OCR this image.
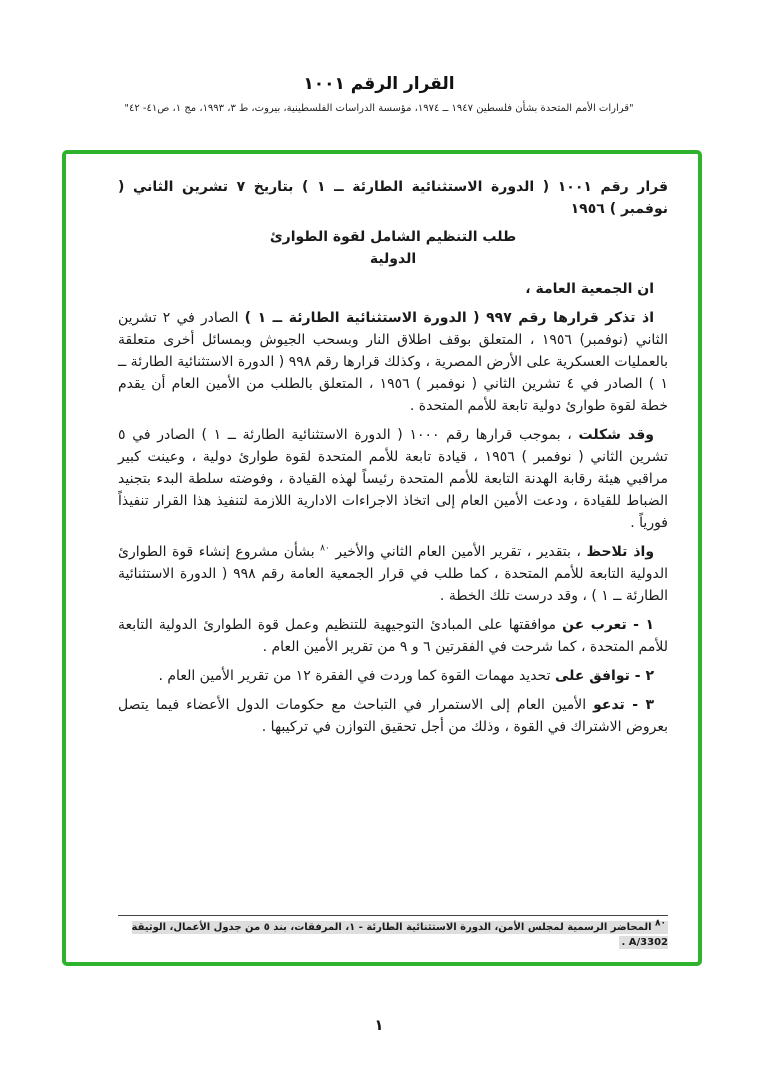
القرار الرقم ١٠٠١
"قرارات الأمم المتحدة بشأن فلسطين ١٩٤٧ ــ ١٩٧٤، مؤسسة الدراسات الفلسطينية، بيروت، ط ٣، ١٩٩٣، مج ١، ص٤١- ٤٢"

قرار رقم ١٠٠١ ( الدورة الاستثنائية الطارئة ــ ١ ) بتاريخ ٧ تشرين الثاني ( نوفمبر ) ١٩٥٦

طلب التنظيم الشامل لقوة الطوارئ
الدولية

ان الجمعية العامة ،

اذ تذكر قرارها رقم ٩٩٧ ( الدورة الاستثنائية الطارئة ــ ١ ) الصادر في ٢ تشرين الثاني (نوفمبر) ١٩٥٦ ، المتعلق بوقف اطلاق النار وبسحب الجيوش وبمسائل أخرى متعلقة بالعمليات العسكرية على الأرض المصرية ، وكذلك قرارها رقم ٩٩٨ ( الدورة الاستثنائية الطارئة ــ ١ ) الصادر في ٤ تشرين الثاني ( نوفمبر ) ١٩٥٦ ، المتعلق بالطلب من الأمين العام أن يقدم خطة لقوة طوارئ دولية تابعة للأمم المتحدة .

وقد شكلت ، بموجب قرارها رقم ١٠٠٠ ( الدورة الاستثنائية الطارئة ــ ١ ) الصادر في ٥ تشرين الثاني ( نوفمبر ) ١٩٥٦ ، قيادة تابعة للأمم المتحدة لقوة طوارئ دولية ، وعينت كبير مراقبي هيئة رقابة الهدنة التابعة للأمم المتحدة رئيساً لهذه القيادة ، وفوضته سلطة البدء بتجنيد الضباط للقيادة ، ودعت الأمين العام إلى اتخاذ الاجراءات الادارية اللازمة لتنفيذ هذا القرار تنفيذاً فورياً .

واذ تلاحظ ، بتقدير ، تقرير الأمين العام الثاني والأخير $^{٨٠}$ بشأن مشروع إنشاء قوة الطوارئ الدولية التابعة للأمم المتحدة ، كما طلب في قرار الجمعية العامة رقم ٩٩٨ ( الدورة الاستثنائية الطارئة ــ ١ ) ، وقد درست تلك الخطة .

١ - تعرب عن موافقتها على المبادئ التوجيهية للتنظيم وعمل قوة الطوارئ الدولية التابعة للأمم المتحدة ، كما شرحت في الفقرتين ٦ و ٩ من تقرير الأمين العام .

٢ - توافق على تحديد مهمات القوة كما وردت في الفقرة ١٢ من تقرير الأمين العام .

٣ - تدعو الأمين العام إلى الاستمرار في التباحث مع حكومات الدول الأعضاء فيما يتصل بعروض الاشتراك في القوة ، وذلك من أجل تحقيق التوازن في تركيبها .

$^{٨٠}$ المحاضر الرسمية لمجلس الأمن، الدورة الاستثنائية الطارئة - ١، المرفقات، بند ٥ من جدول الأعمال، الوثيقة A/3302 .
١
